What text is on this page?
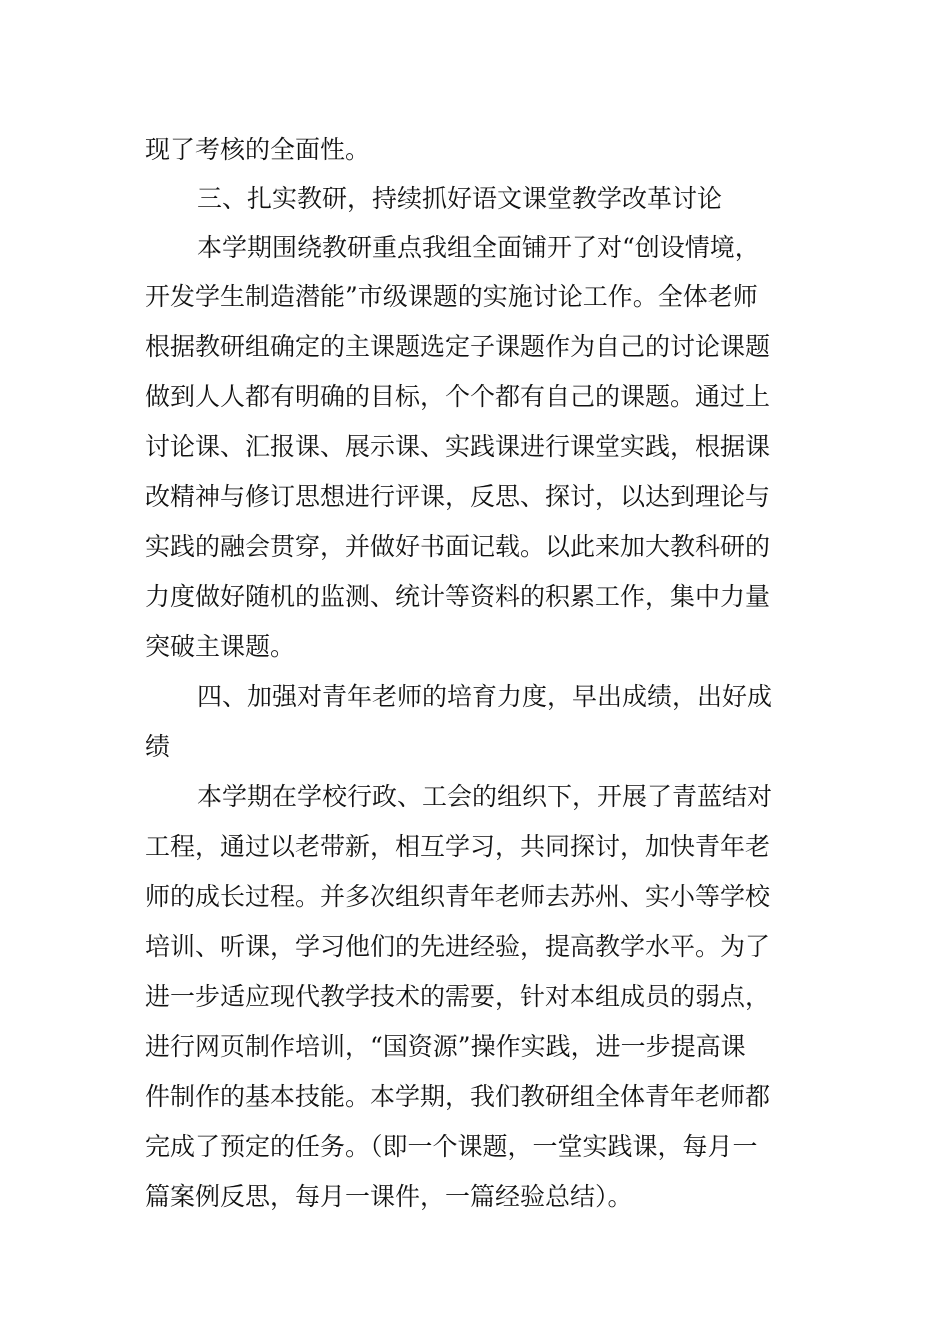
现了考核的全面性。
三、扎实教研，持续抓好语文课堂教学改革讨论
本学期围绕教研重点我组全面铺开了对“创设情境，
开发学生制造潜能”市级课题的实施讨论工作。全体老师
根据教研组确定的主课题选定子课题作为自己的讨论课题
做到人人都有明确的目标，个个都有自己的课题。通过上
讨论课、汇报课、展示课、实践课进行课堂实践，根据课
改精神与修订思想进行评课，反思、探讨，以达到理论与
实践的融会贯穿，并做好书面记载。以此来加大教科研的
力度做好随机的监测、统计等资料的积累工作，集中力量
突破主课题。
四、加强对青年老师的培育力度，早出成绩，出好成
绩
本学期在学校行政、工会的组织下，开展了青蓝结对
工程，通过以老带新，相互学习，共同探讨，加快青年老
师的成长过程。并多次组织青年老师去苏州、实小等学校
培训、听课，学习他们的先进经验，提高教学水平。为了
进一步适应现代教学技术的需要，针对本组成员的弱点，
进行网页制作培训，“国资源”操作实践，进一步提高课
件制作的基本技能。本学期，我们教研组全体青年老师都
完成了预定的任务。（即一个课题，一堂实践课，每月一
篇案例反思，每月一课件，一篇经验总结）。
